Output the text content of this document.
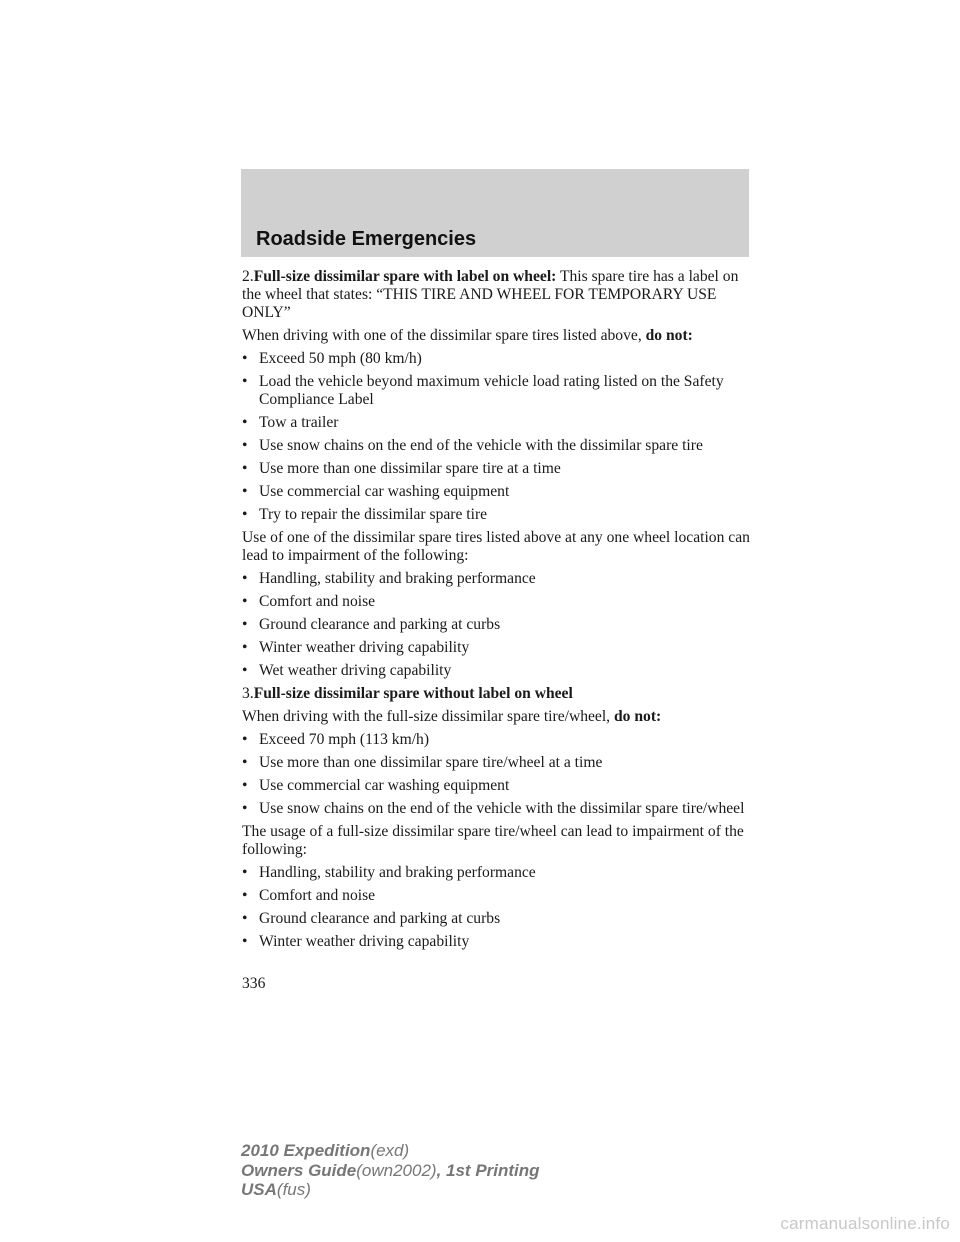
Roadside Emergencies

2.Full-size dissimilar spare with label on wheel: This spare tire has a label on the wheel that states: “THIS TIRE AND WHEEL FOR TEMPORARY USE ONLY”

When driving with one of the dissimilar spare tires listed above, do not:

• Exceed 50 mph (80 km/h)
• Load the vehicle beyond maximum vehicle load rating listed on the Safety Compliance Label
• Tow a trailer
• Use snow chains on the end of the vehicle with the dissimilar spare tire
• Use more than one dissimilar spare tire at a time
• Use commercial car washing equipment
• Try to repair the dissimilar spare tire

Use of one of the dissimilar spare tires listed above at any one wheel location can lead to impairment of the following:

• Handling, stability and braking performance
• Comfort and noise
• Ground clearance and parking at curbs
• Winter weather driving capability
• Wet weather driving capability

3.Full-size dissimilar spare without label on wheel

When driving with the full-size dissimilar spare tire/wheel, do not:

• Exceed 70 mph (113 km/h)
• Use more than one dissimilar spare tire/wheel at a time
• Use commercial car washing equipment
• Use snow chains on the end of the vehicle with the dissimilar spare tire/wheel

The usage of a full-size dissimilar spare tire/wheel can lead to impairment of the following:

• Handling, stability and braking performance
• Comfort and noise
• Ground clearance and parking at curbs
• Winter weather driving capability
336
2010 Expedition(exd)
Owners Guide(own2002), 1st Printing
USA(fus)
carmanualsonline.info
